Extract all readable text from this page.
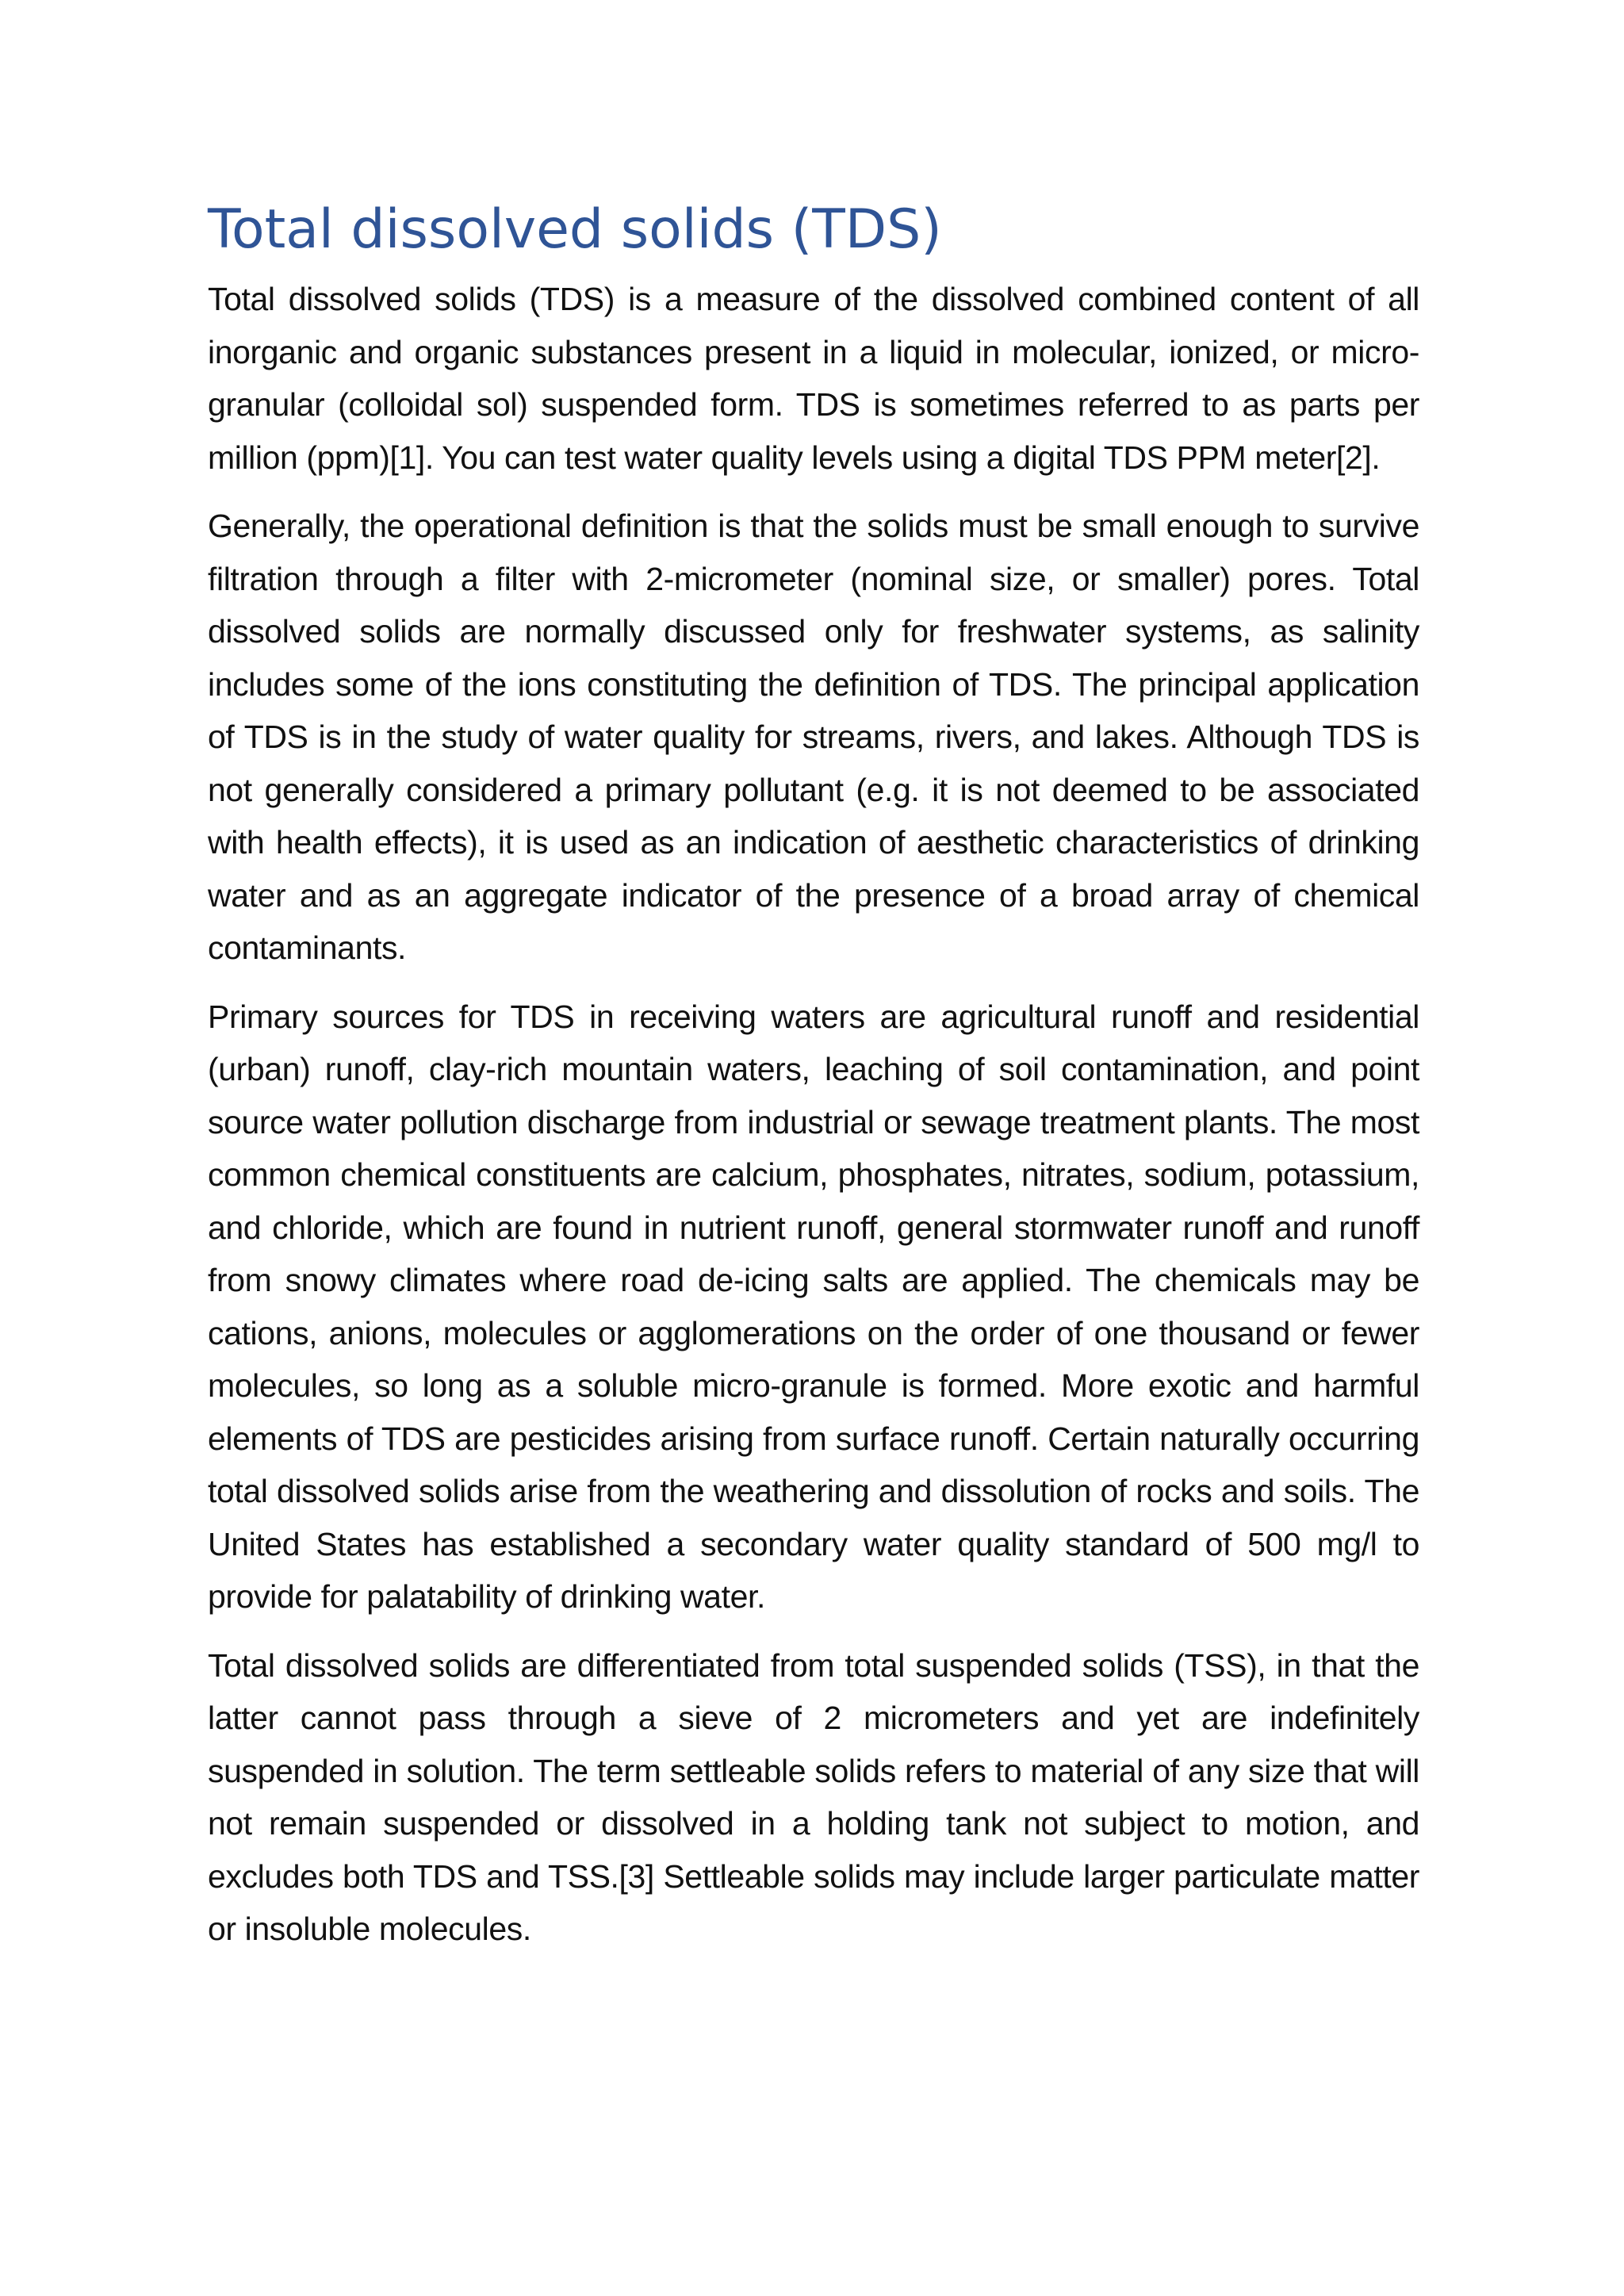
Total dissolved solids (TDS)

Total dissolved solids (TDS) is a measure of the dissolved combined content of all inorganic and organic substances present in a liquid in molecular, ionized, or micro-granular (colloidal sol) suspended form. TDS is sometimes referred to as parts per million (ppm)[1]. You can test water quality levels using a digital TDS PPM meter[2].

Generally, the operational definition is that the solids must be small enough to survive filtration through a filter with 2-micrometer (nominal size, or smaller) pores. Total dissolved solids are normally discussed only for freshwater systems, as salinity includes some of the ions constituting the definition of TDS. The principal application of TDS is in the study of water quality for streams, rivers, and lakes. Although TDS is not generally considered a primary pollutant (e.g. it is not deemed to be associated with health effects), it is used as an indication of aesthetic characteristics of drinking water and as an aggregate indicator of the presence of a broad array of chemical contaminants.

Primary sources for TDS in receiving waters are agricultural runoff and residential (urban) runoff, clay-rich mountain waters, leaching of soil contamination, and point source water pollution discharge from industrial or sewage treatment plants. The most common chemical constituents are calcium, phosphates, nitrates, sodium, potassium, and chloride, which are found in nutrient runoff, general stormwater runoff and runoff from snowy climates where road de-icing salts are applied. The chemicals may be cations, anions, molecules or agglomerations on the order of one thousand or fewer molecules, so long as a soluble micro-granule is formed. More exotic and harmful elements of TDS are pesticides arising from surface runoff. Certain naturally occurring total dissolved solids arise from the weathering and dissolution of rocks and soils. The United States has established a secondary water quality standard of 500 mg/l to provide for palatability of drinking water.

Total dissolved solids are differentiated from total suspended solids (TSS), in that the latter cannot pass through a sieve of 2 micrometers and yet are indefinitely suspended in solution. The term settleable solids refers to material of any size that will not remain suspended or dissolved in a holding tank not subject to motion, and excludes both TDS and TSS.[3] Settleable solids may include larger particulate matter or insoluble molecules.
